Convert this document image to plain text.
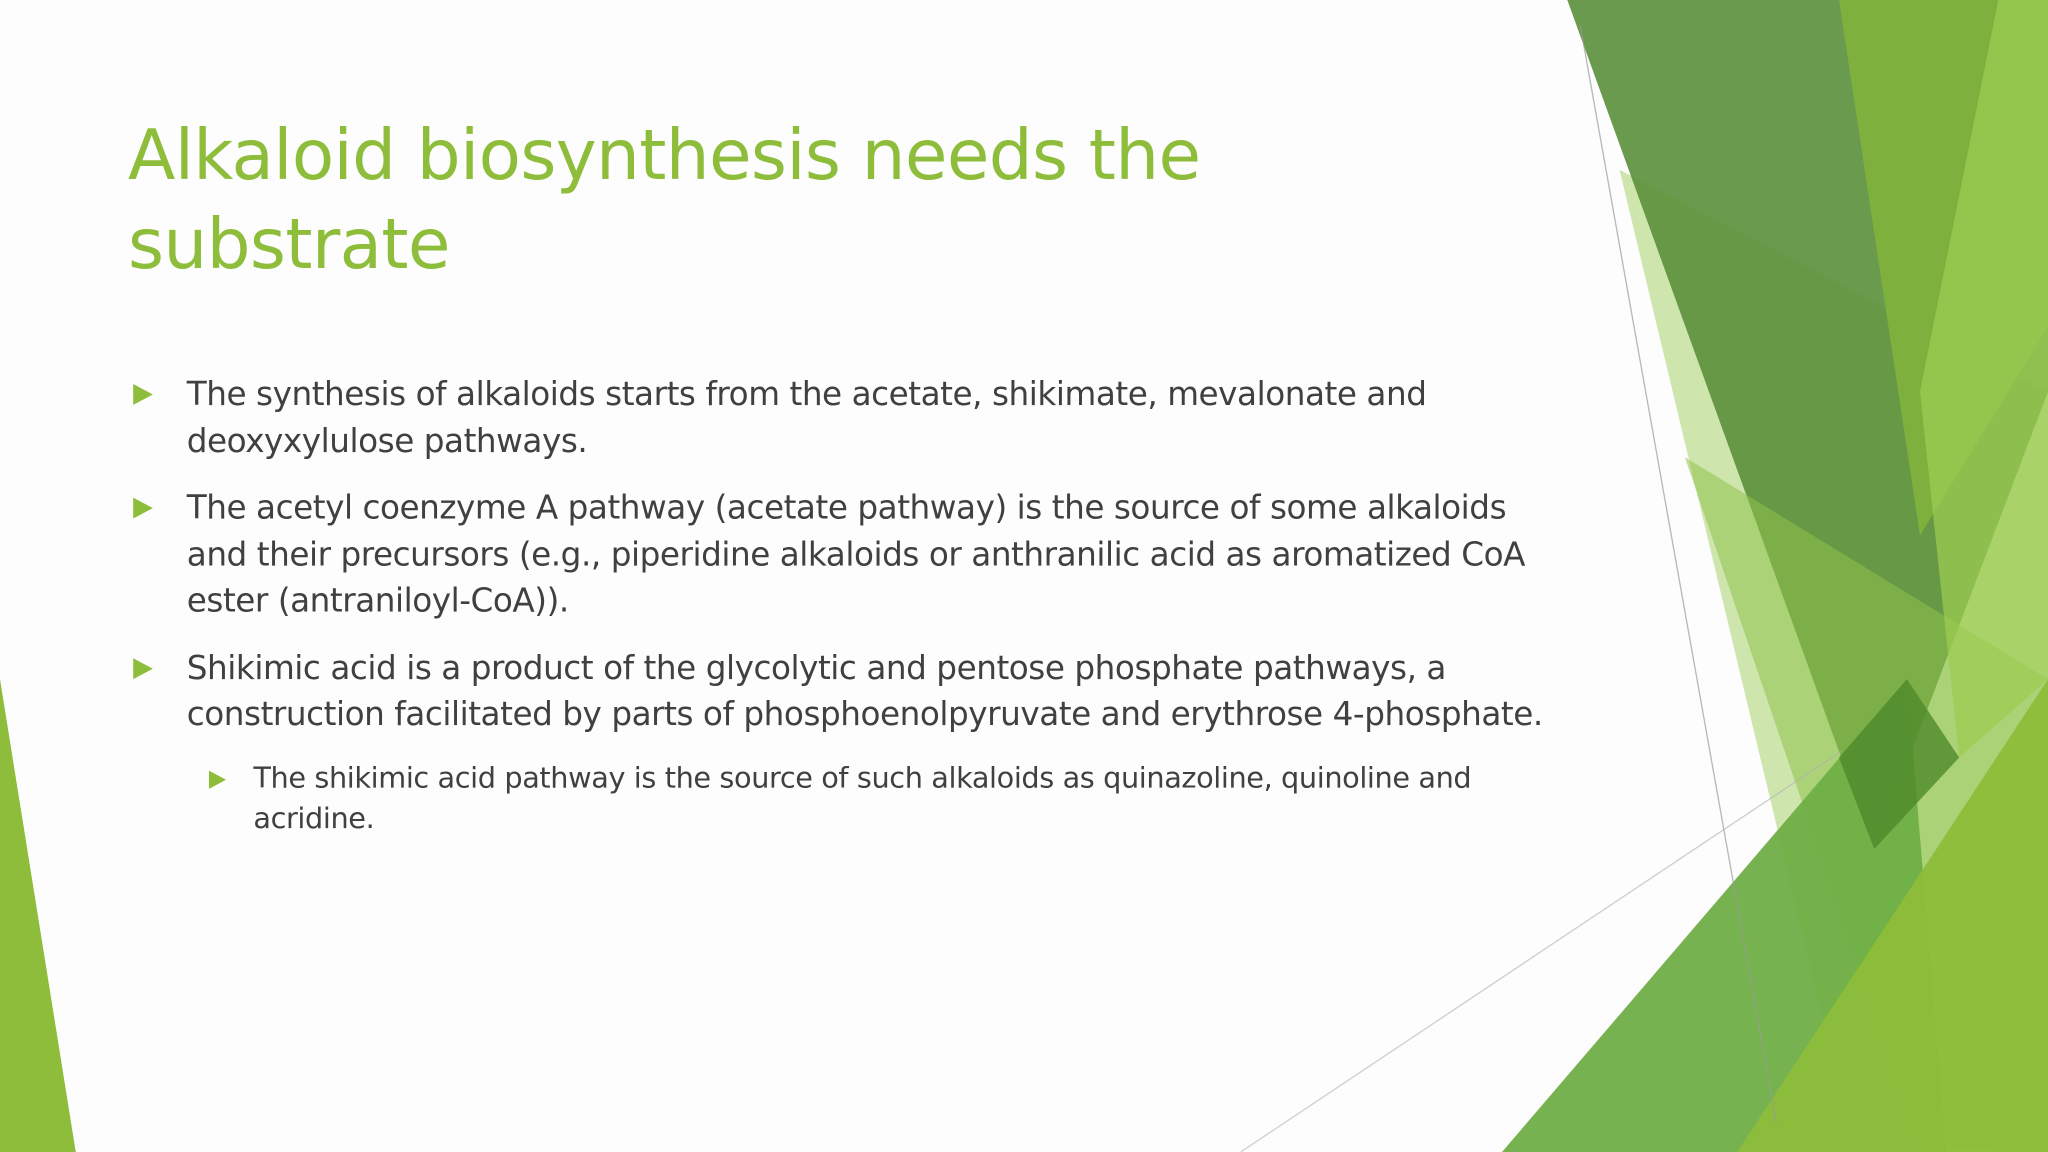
Alkaloid biosynthesis needs the substrate
The synthesis of alkaloids starts from the acetate, shikimate, mevalonate and deoxyxylulose pathways.
The acetyl coenzyme A pathway (acetate pathway) is the source of some alkaloids and their precursors (e.g., piperidine alkaloids or anthranilic acid as aromatized CoA ester (antraniloyl-CoA)).
Shikimic acid is a product of the glycolytic and pentose phosphate pathways, a construction facilitated by parts of phosphoenolpyruvate and erythrose 4-phosphate.
The shikimic acid pathway is the source of such alkaloids as quinazoline, quinoline and acridine.
